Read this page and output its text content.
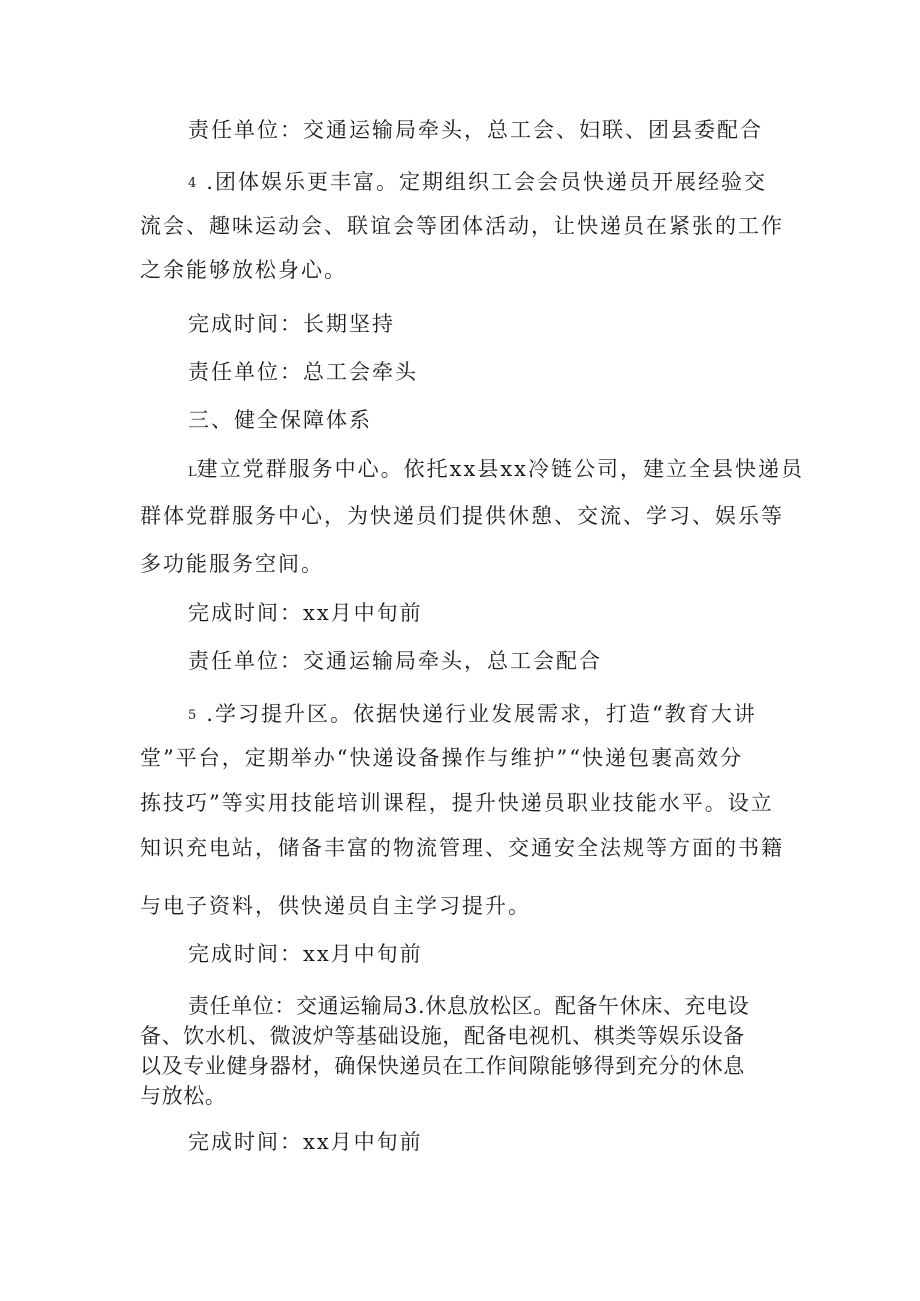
责任单位：交通运输局牵头，总工会、妇联、团县委配合
4 .团体娱乐更丰富。定期组织工会会员快递员开展经验交
流会、趣味运动会、联谊会等团体活动，让快递员在紧张的工作
之余能够放松身心。
完成时间：长期坚持
责任单位：总工会牵头
三、健全保障体系
L建立党群服务中心。依托xx县xx冷链公司，建立全县快递员
群体党群服务中心，为快递员们提供休憩、交流、学习、娱乐等
多功能服务空间。
完成时间：xx月中旬前
责任单位：交通运输局牵头，总工会配合
5 .学习提升区。依据快递行业发展需求，打造“教育大讲
堂”平台，定期举办“快递设备操作与维护”“快递包裹高效分
拣技巧”等实用技能培训课程，提升快递员职业技能水平。设立
知识充电站，储备丰富的物流管理、交通安全法规等方面的书籍
与电子资料，供快递员自主学习提升。
完成时间：xx月中旬前
责任单位：交通运输局3.休息放松区。配备午休床、充电设
备、饮水机、微波炉等基础设施，配备电视机、棋类等娱乐设备
以及专业健身器材，确保快递员在工作间隙能够得到充分的休息
与放松。
完成时间：xx月中旬前
